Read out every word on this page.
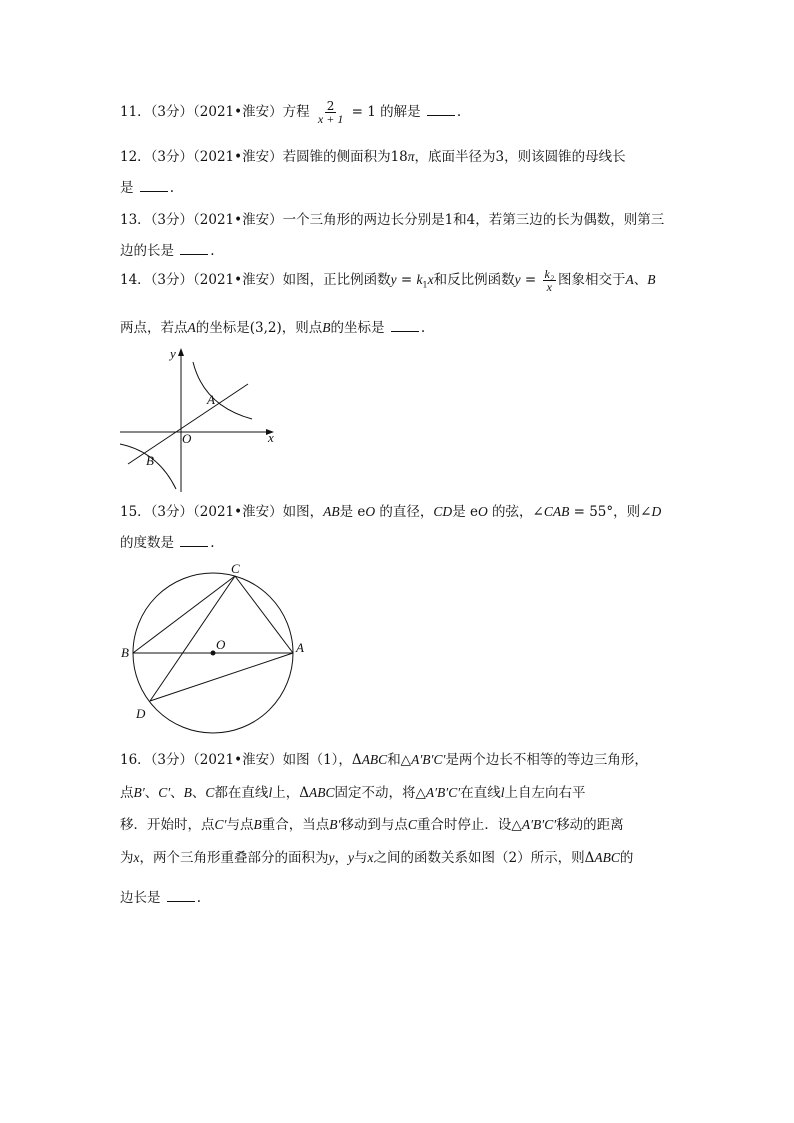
11．（3分）（2021•淮安）方程 $\frac{2}{x + 1} = 1$ 的解是	.
12．（3分）（2021•淮安）若圆锥的侧面积为18π，底面半径为3，则该圆锥的母线长
是	.
13．（3分）（2021•淮安）一个三角形的两边长分别是1和4，若第三边的长为偶数，则第三
边的长是	.
14．（3分）（2021•淮安）如图，正比例函数$y = k_1x$和反比例函数$y = \frac{\text{k₂}}{x}$ 图象相交于A、B
两点，若点A的坐标是(3,2)，则点B的坐标是	.
y
x
O
A
B
15．（3分）（2021•淮安）如图，AB是 eO 的直径，CD是 eO 的弦，∠CAB = 55°，则∠D
的度数是	.
C
O
B	A
D
16．（3分）（2021•淮安）如图（1），ΔABC和△A′B′C′是两个边长不相等的等边三角形，
点B′、C′、B、C都在直线l上，ΔABC固定不动，将△A′B′C′在直线l上自左向右平
移．开始时，点C′与点B重合，当点B′移动到与点C重合时停止．设△A′B′C′移动的距离
为x，两个三角形重叠部分的面积为y，y与x之间的函数关系如图（2）所示，则ΔABC的
边长是	.
